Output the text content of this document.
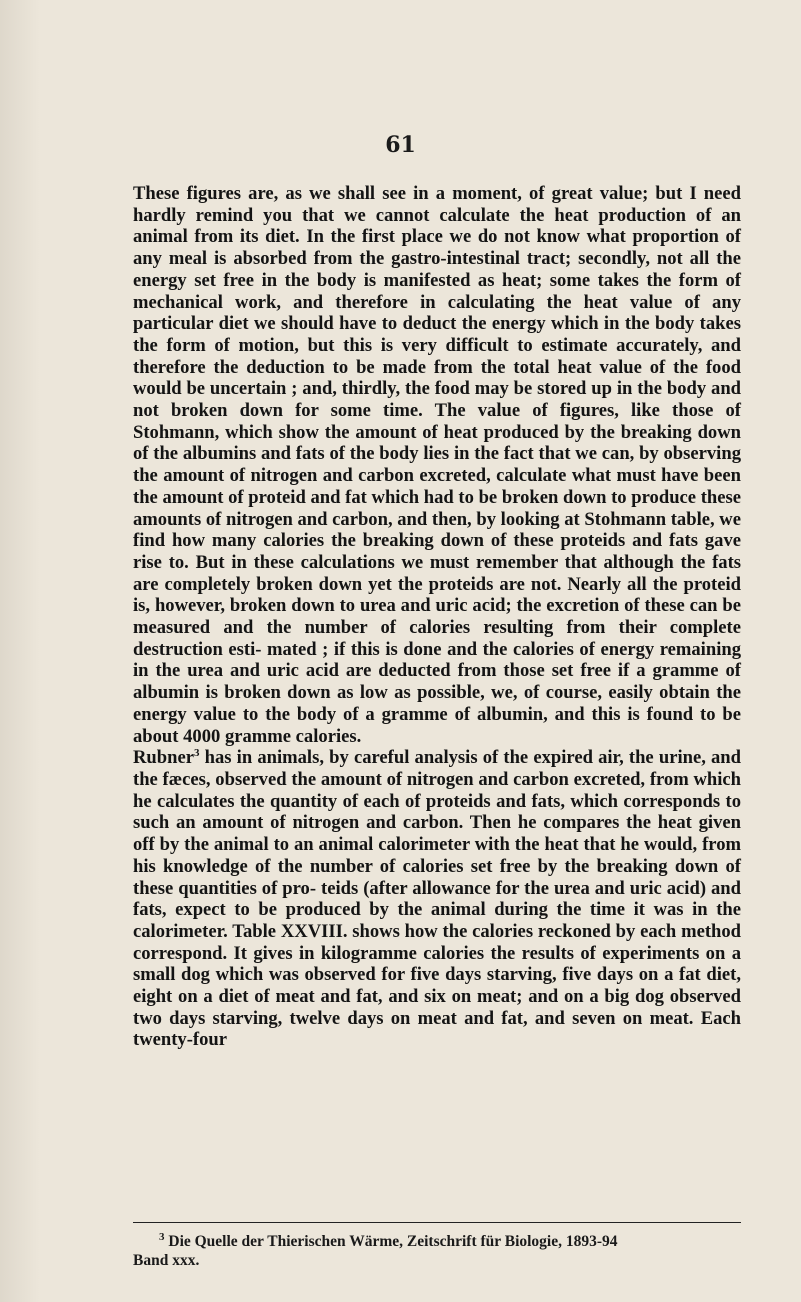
61

These figures are, as we shall see in a moment, of great value; but I need hardly remind you that we cannot calculate the heat production of an animal from its diet. In the first place we do not know what proportion of any meal is absorbed from the gastro-intestinal tract; secondly, not all the energy set free in the body is manifested as heat; some takes the form of mechanical work, and therefore in calculating the heat value of any particular diet we should have to deduct the energy which in the body takes the form of motion, but this is very difficult to estimate accurately, and therefore the deduction to be made from the total heat value of the food would be uncertain ; and, thirdly, the food may be stored up in the body and not broken down for some time. The value of figures, like those of Stohmann, which show the amount of heat produced by the breaking down of the albumins and fats of the body lies in the fact that we can, by observing the amount of nitrogen and carbon excreted, calculate what must have been the amount of proteid and fat which had to be broken down to produce these amounts of nitrogen and carbon, and then, by looking at Stohmann table, we find how many calories the breaking down of these proteids and fats gave rise to. But in these calculations we must remember that although the fats are completely broken down yet the proteids are not. Nearly all the proteid is, however, broken down to urea and uric acid; the excretion of these can be measured and the number of calories resulting from their complete destruction esti- mated ; if this is done and the calories of energy remaining in the urea and uric acid are deducted from those set free if a gramme of albumin is broken down as low as possible, we, of course, easily obtain the energy value to the body of a gramme of albumin, and this is found to be about 4000 gramme calories.

Rubner$^3$ has in animals, by careful analysis of the expired air, the urine, and the fæces, observed the amount of nitrogen and carbon excreted, from which he calculates the quantity of each of proteids and fats, which corresponds to such an amount of nitrogen and carbon. Then he compares the heat given off by the animal to an animal calorimeter with the heat that he would, from his knowledge of the number of calories set free by the breaking down of these quantities of pro- teids (after allowance for the urea and uric acid) and fats, expect to be produced by the animal during the time it was in the calorimeter. Table XXVIII. shows how the calories reckoned by each method correspond. It gives in kilogramme calories the results of experiments on a small dog which was observed for five days starving, five days on a fat diet, eight on a diet of meat and fat, and six on meat; and on a big dog observed two days starving, twelve days on meat and fat, and seven on meat. Each twenty-four

$^3$ Die Quelle der Thierischen Wärme, Zeitschrift für Biologie, 1893-94
Band xxx.
